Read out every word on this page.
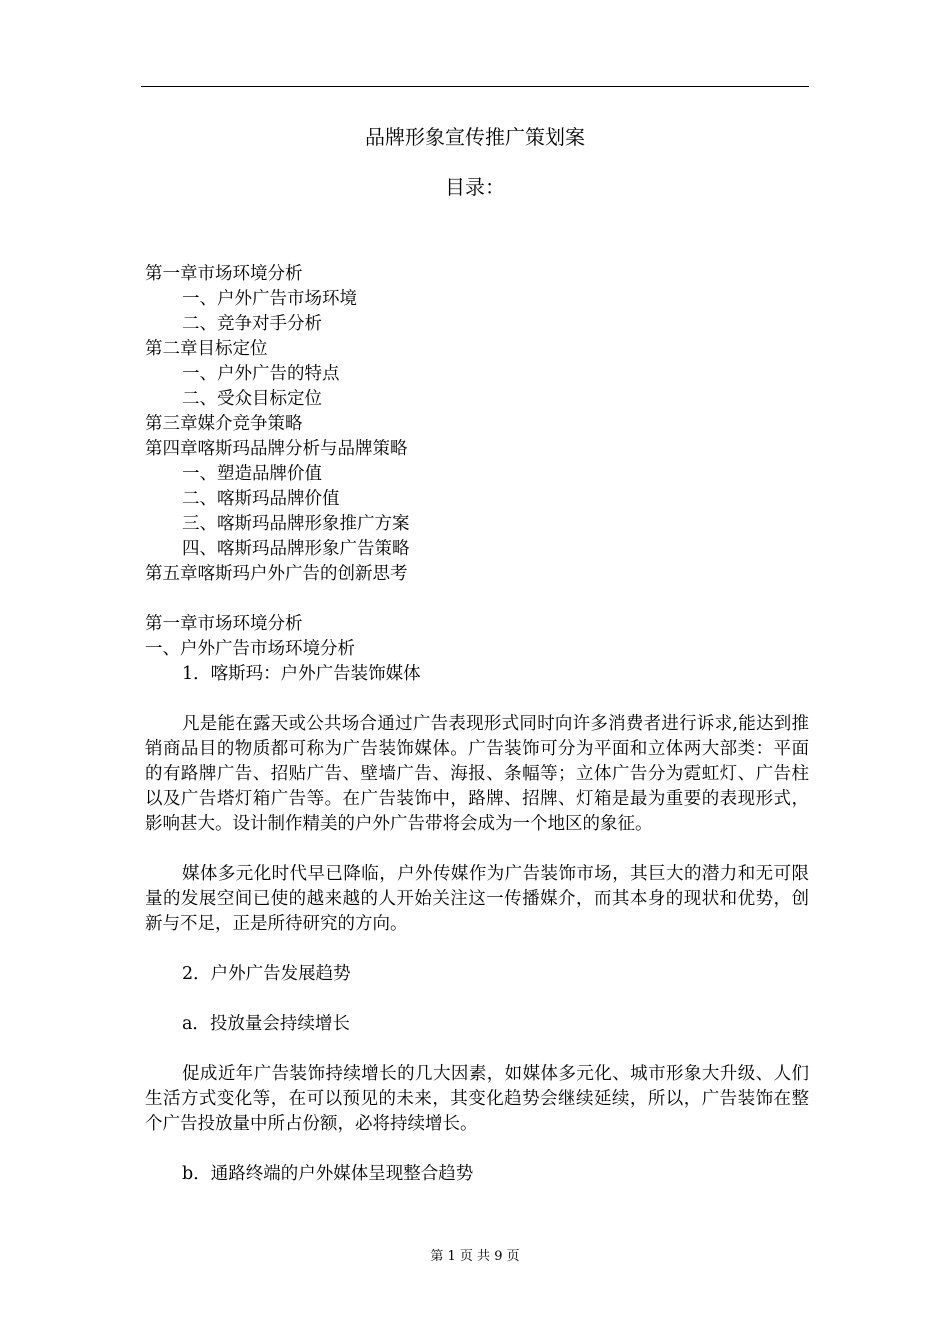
品牌形象宣传推广策划案
目录：
第一章市场环境分析
一、户外广告市场环境
二、竞争对手分析
第二章目标定位
一、户外广告的特点
二、受众目标定位
第三章媒介竞争策略
第四章喀斯玛品牌分析与品牌策略
一、塑造品牌价值
二、喀斯玛品牌价值
三、喀斯玛品牌形象推广方案
四、喀斯玛品牌形象广告策略
第五章喀斯玛户外广告的创新思考
第一章市场环境分析
一、户外广告市场环境分析
1．喀斯玛：户外广告装饰媒体

凡是能在露天或公共场合通过广告表现形式同时向许多消费者进行诉求,能达到推销商品目的物质都可称为广告装饰媒体。广告装饰可分为平面和立体两大部类：平面的有路牌广告、招贴广告、壁墙广告、海报、条幅等；立体广告分为霓虹灯、广告柱以及广告塔灯箱广告等。在广告装饰中，路牌、招牌、灯箱是最为重要的表现形式，影响甚大。设计制作精美的户外广告带将会成为一个地区的象征。

媒体多元化时代早已降临，户外传媒作为广告装饰市场，其巨大的潜力和无可限量的发展空间已使的越来越的人开始关注这一传播媒介，而其本身的现状和优势，创新与不足，正是所待研究的方向。

2．户外广告发展趋势
a．投放量会持续增长

促成近年广告装饰持续增长的几大因素，如媒体多元化、城市形象大升级、人们生活方式变化等，在可以预见的未来，其变化趋势会继续延续，所以，广告装饰在整个广告投放量中所占份额，必将持续增长。

b．通路终端的户外媒体呈现整合趋势
第 1 页 共 9 页
